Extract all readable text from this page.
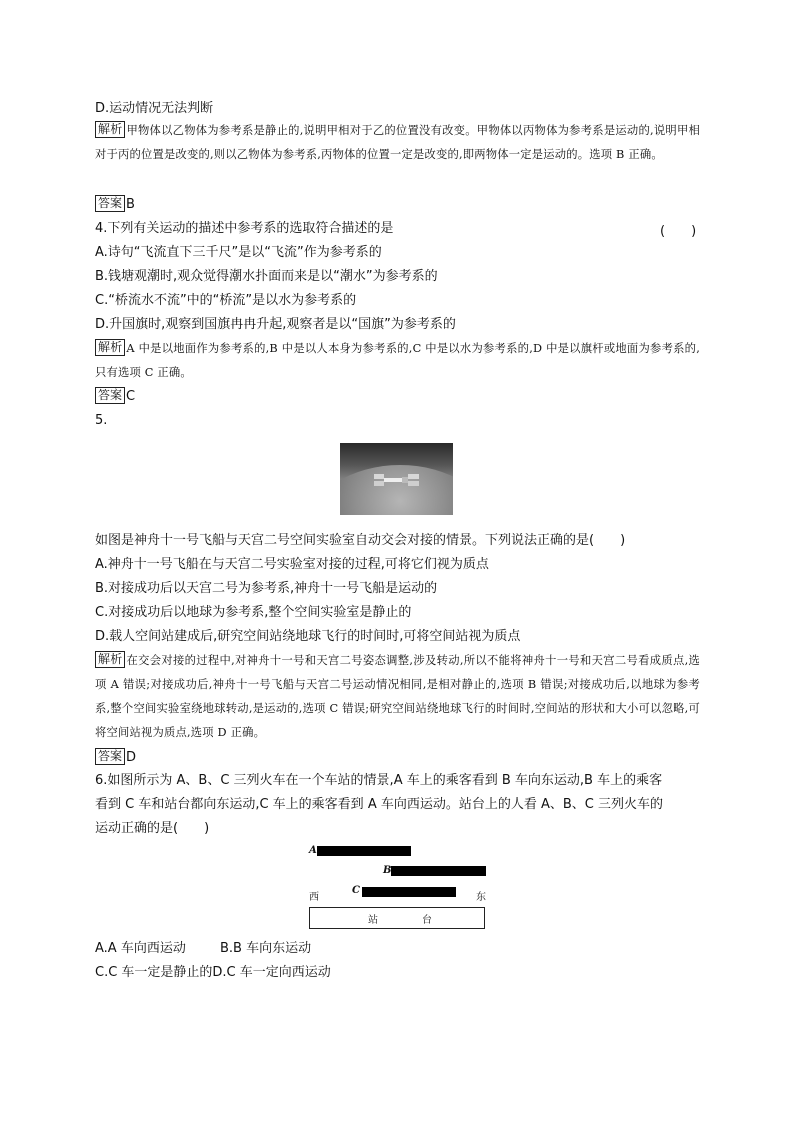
D.运动情况无法判断
解析 甲物体以乙物体为参考系是静止的,说明甲相对于乙的位置没有改变。甲物体以丙物体为参考系是运动的,说明甲相对于丙的位置是改变的,则以乙物体为参考系,丙物体的位置一定是改变的,即两物体一定是运动的。选项 B 正确。
答案 B
4.下列有关运动的描述中参考系的选取符合描述的是	(　　)
A.诗句“飞流直下三千尺”是以“飞流”作为参考系的
B.钱塘观潮时,观众觉得潮水扑面而来是以“潮水”为参考系的
C.“桥流水不流”中的“桥流”是以水为参考系的
D.升国旗时,观察到国旗冉冉升起,观察者是以“国旗”为参考系的
解析 A 中是以地面作为参考系的,B 中是以人本身为参考系的,C 中是以水为参考系的,D 中是以旗杆或地面为参考系的,只有选项 C 正确。
答案 C
5.
如图是神舟十一号飞船与天宫二号空间实验室自动交会对接的情景。下列说法正确的是(　　)
A.神舟十一号飞船在与天宫二号实验室对接的过程,可将它们视为质点
B.对接成功后以天宫二号为参考系,神舟十一号飞船是运动的
C.对接成功后以地球为参考系,整个空间实验室是静止的
D.载人空间站建成后,研究空间站绕地球飞行的时间时,可将空间站视为质点
解析 在交会对接的过程中,对神舟十一号和天宫二号姿态调整,涉及转动,所以不能将神舟十一号和天宫二号看成质点,选项 A 错误;对接成功后,神舟十一号飞船与天宫二号运动情况相同,是相对静止的,选项 B 错误;对接成功后,以地球为参考系,整个空间实验室绕地球转动,是运动的,选项 C 错误;研究空间站绕地球飞行的时间时,空间站的形状和大小可以忽略,可将空间站视为质点,选项 D 正确。
答案 D
6.如图所示为 A、B、C 三列火车在一个车站的情景,A 车上的乘客看到 B 车向东运动,B 车上的乘客
看到 C 车和站台都向东运动,C 车上的乘客看到 A 车向西运动。站台上的人看 A、B、C 三列火车的
运动正确的是(　　)
A
B
西
C
东
站	台
A.A 车向西运动	B.B 车向东运动
C.C 车一定是静止的D.C 车一定向西运动
